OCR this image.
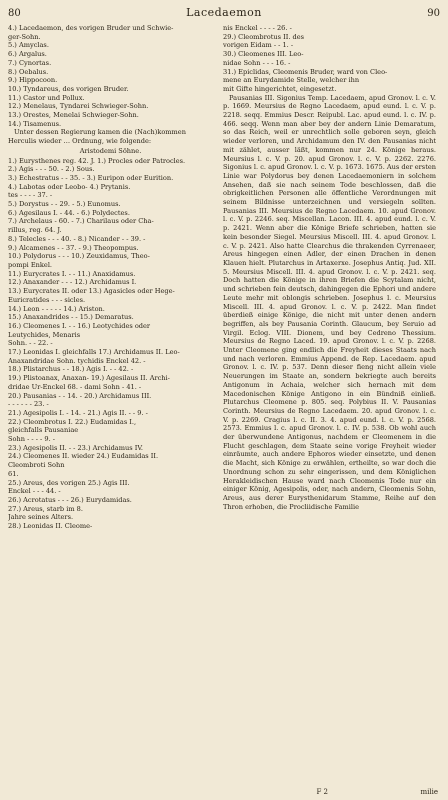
80	Lacedaemon	90
4.) Lacedaemon, des vorigen Bruder und Schwie-
ger-Sohn.
5.) Amyclas.
6.) Argalus.
7.) Cynortas.
8.) Oebalus.
9.) Hippocoon.
10.) Tyndareus, des vorigen Bruder.
11.) Castor und Pollux.
12.) Menelaus, Tyndarei Schwieger-Sohn.
13.) Orestes, Menelai Schwieger-Sohn.
14.) Tisamenus.

Unter dessen Regierung kamen die (Nach)kommen Herculis wieder … Ordnung, wie folgende:

Aristodemi Söhne.
1.) Eurysthenes reg. 42. J. 1.) Procles oder Patrocles.
2.) Agis - - - 50. - 2.) Sous.
3.) Echestratus - - 35. - 3.) Euripon oder Eurition.
4.) Labotas oder Leobo- 4.) Prytanis.
tes - - - - 37. -
5.) Dorystus - - 29. - 5.) Eunomus.
6.) Agesilaus I. - 44. - 6.) Polydectes.
7.) Archelaus - 60. - 7.) Charilaus oder Cha-
rillus, reg. 64. J.
8.) Telecles - - - 40. - 8.) Nicander - - 39. -
9.) Alcamenes - - 37. - 9.) Theopompus.
10.) Polydorus - - - 10.) Zeuxidamus, Theo-
pompi Enkel.
11.) Eurycrates I. - - 11.) Anaxidamus.
12.) Anaxander - - - 12.) Archidamus I.
13.) Eurycrates II. oder 13.) Agasicles oder Hege-
Euricratides - - - sicles.
14.) Leon - - - - - 14.) Ariston.
15.) Anaxandrides - - 15.) Demaratus.
16.) Cleomenes I. - - 16.) Leotychides oder
Leutychides, Menaris
Sohn. - - 22. -
17.) Leonidas I. gleichfalls 17.) Archidamus II. Leo-
Anaxandridae Sohn. tychidis Enckel 42. -
18.) Plistarchus - - 18.) Agis I. - - 42. -
19.) Plistoanax, Anaxan- 19.) Agesilaus II. Archi-
dridae Ur-Enckel 68. - dami Sohn - 41. -
20.) Pausanias - - 14. - 20.) Archidamus III.
- - - - - - 23. -
21.) Agesipolis I. - 14. - 21.) Agis II. - - 9. -
22.) Cleombrotus I. 22.) Eudamidas I.,
gleichfalls Pausaniae
Sohn - - - - 9. -
23.) Agesipolis II. - - 23.) Archidamus IV.
24.) Cleomenes II. wieder 24.) Eudamidas II.
Cleombroti Sohn
61.
25.) Areus, des vorigen 25.) Agis III.
Enckel - - - 44. -
26.) Acrotatus - - - 26.) Eurydamidas.
27.) Areus, starb im 8.
Jahre seines Alters.
28.) Leonidas II. Cleome-
nis Enckel - - - - 26. -
29.) Cleombrotus II. des
vorigen Eidam - - 1. -
30.) Cleomenes III. Leo-
nidae Sohn - - - 16. -
31.) Epiclidas, Cleomenis Bruder, ward von Cleo-
mene an Eurydamide Stelle, welcher ihn
mit Gifte hingerichtet, eingesetzt.

Pausanias III. Sigonius Temp. Lacedaem, apud Gronov. l. c. V. p. 1669. Meursius de Regno Lacedaem, apud eund. l. c. V. p. 2218. seqq. Emmius Descr. Reipubl. Lac. apud eund. l. c. IV. p. 466. seqq. Wenn man aber bey der andern Linie Demaratum, so das Reich, weil er unrechtlich solle geboren seyn, gleich wieder verloren, und Archidamum den IV. den Pausanias nicht mit zählet, ausser läßt, kommen nur 24. Könige heraus. Meursius l. c. V. p. 20. apud Gronov. l. c. V. p. 2262. 2276. Sigonius l. c. apud Gronov. l. c. V. p. 1673. 1675. Aus der ersten Linie war Polydorus bey denen Lacedaemoniern in solchem Ansehen, daß sie nach seinem Tode beschlossen, daß die obrigkeitlichen Personen alle öffentliche Verordnungen mit seinem Bildnisse unterzeichnen und versiegeln sollten. Pausanias III. Meursius de Regno Lacedaem. 10. apud Gronov. l. c. V. p. 2246. seq. Miscellan. Lacon. III. 4. apud eund. l. c. V. p. 2421. Wenn aber die Könige Briefe schrieben, hatten sie kein besonder Siegel. Meursius Miscell. III. 4. apud Gronov. l. c. V. p. 2421. Also hatte Clearchus die thrakenden Cyrrenaeer, Areus hingegen einen Adler, der einen Drachen in denen Klauen hielt. Plutarchus in Artaxerxe. Josephus Antiq. Jud. XII. 5. Meursius Miscell. III. 4. apud Gronov. l. c. V. p. 2421. seq. Doch hatten die Könige in ihren Briefen die Scytalam nicht, und schrieben fein deutsch, dahingegen die Ephori und andere Leute mehr mit oblongis schrieben. Josephus l. c. Meursius Miscell. III. 4. apud Gronov. l. c. V. p. 2422. Man findet überdieß einige Könige, die nicht mit unter denen andern begriffen, als bey Pausania Corinth. Glaucum, bey Seruio ad Virgil. Eclog. VIII. Dionem, und bey Cedreno Thessium. Meursius de Regno Laced. 19. apud Gronov. l. c. V. p. 2268. Unter Cleomene ging endlich die Freyheit dieses Staats nach und nach verloren. Emmius Append. de Rep. Lacedaem. apud Gronov. l. c. IV. p. 537. Denn dieser fieng nicht allein viele Neuerungen im Staate an, sondern bekriegte auch bereits Antigonum in Achaia, welcher sich hernach mit dem Macedonischen Könige Antigono in ein Bündniß einließ. Plutarchus Cleomene p. 805. seq. Polybius II. V. Pausanias Corinth. Meursius de Regno Lacedaem. 20. apud Gronov. l. c. V. p. 2269. Cragius l. c. II. 3. 4. apud eund. l. c. V. p. 2568. 2573. Emmius l. c. apud Gronov. l. c. IV. p. 538. Ob wohl auch der überwundene Antigonus, nachdem er Cleomenem in die Flucht geschlagen, dem Staate seine vorige Freyheit wieder einräumte, auch andere Ephoros wieder einsetzte, und denen die Macht, sich Könige zu erwählen, ertheilte, so war doch die Unordnung schon zu sehr eingerissen, und dem Königlichen Herakleidischen Hause ward nach Cleomenis Tode nur ein einiger König, Agesipolis, oder, nach andern, Cleomenis Sohn, Areus, aus derer Eurysthenidarum Stamme, Reihe auf den Thron erhoben, die Procliidische Familie

F 2	milie
